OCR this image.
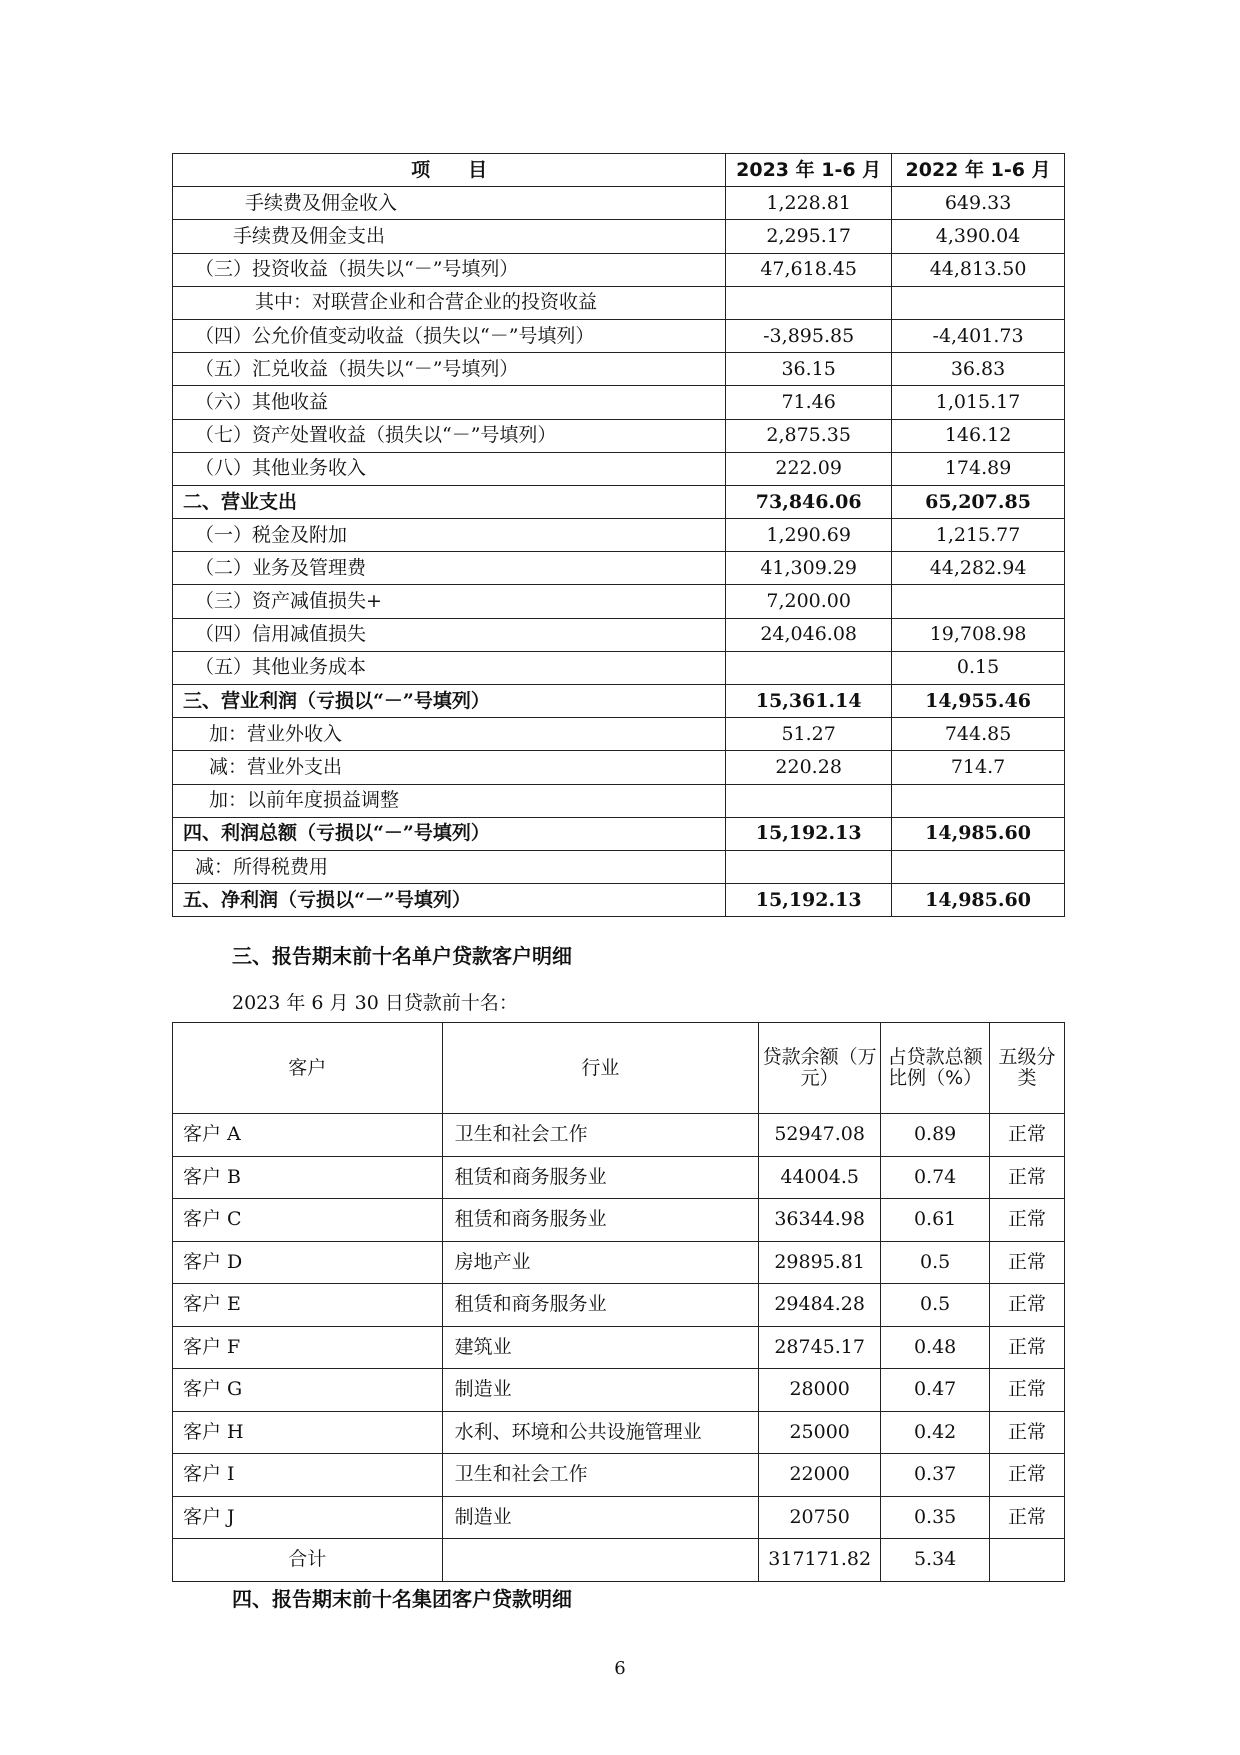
项　　目	2023 年 1-6 月	2022 年 1-6 月
手续费及佣金收入	1,228.81	649.33
手续费及佣金支出	2,295.17	4,390.04
（三）投资收益（损失以“－”号填列）	47,618.45	44,813.50
其中：对联营企业和合营企业的投资收益		
（四）公允价值变动收益（损失以“－”号填列）	-3,895.85	-4,401.73
（五）汇兑收益（损失以“－”号填列）	36.15	36.83
（六）其他收益	71.46	1,015.17
（七）资产处置收益（损失以“－”号填列）	2,875.35	146.12
（八）其他业务收入	222.09	174.89
二、营业支出	73,846.06	65,207.85
（一）税金及附加	1,290.69	1,215.77
（二）业务及管理费	41,309.29	44,282.94
（三）资产减值损失+	7,200.00	
（四）信用减值损失	24,046.08	19,708.98
（五）其他业务成本		0.15
三、营业利润（亏损以“－”号填列）	15,361.14	14,955.46
加：营业外收入	51.27	744.85
减：营业外支出	220.28	714.7
加：以前年度损益调整		
四、利润总额（亏损以“－”号填列）	15,192.13	14,985.60
减：所得税费用		
五、净利润（亏损以“－”号填列）	15,192.13	14,985.60
三、报告期末前十名单户贷款客户明细
2023 年 6 月 30 日贷款前十名：
客户	行业	贷款余额（万元）	占贷款总额比例（%）	五级分类
客户 A	卫生和社会工作	52947.08	0.89	正常
客户 B	租赁和商务服务业	44004.5	0.74	正常
客户 C	租赁和商务服务业	36344.98	0.61	正常
客户 D	房地产业	29895.81	0.5	正常
客户 E	租赁和商务服务业	29484.28	0.5	正常
客户 F	建筑业	28745.17	0.48	正常
客户 G	制造业	28000	0.47	正常
客户 H	水利、环境和公共设施管理业	25000	0.42	正常
客户 I	卫生和社会工作	22000	0.37	正常
客户 J	制造业	20750	0.35	正常
合计		317171.82	5.34	
四、报告期末前十名集团客户贷款明细
6
